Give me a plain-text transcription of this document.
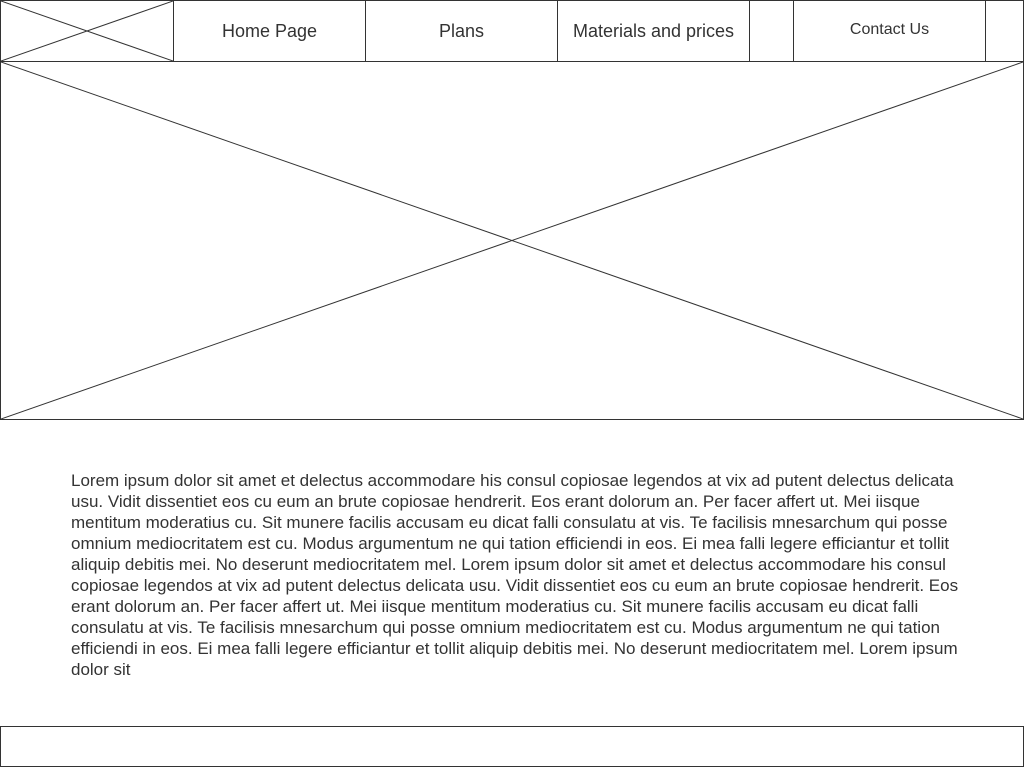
Home Page	Plans	Materials and prices	Contact Us

Lorem ipsum dolor sit amet et delectus accommodare his consul copiosae legendos at vix ad putent delectus delicata usu. Vidit dissentiet eos cu eum an brute copiosae hendrerit. Eos erant dolorum an. Per facer affert ut. Mei iisque mentitum moderatius cu. Sit munere facilis accusam eu dicat falli consulatu at vis. Te facilisis mnesarchum qui posse omnium mediocritatem est cu. Modus argumentum ne qui tation efficiendi in eos. Ei mea falli legere efficiantur et tollit aliquip debitis mei. No deserunt mediocritatem mel. Lorem ipsum dolor sit amet et delectus accommodare his consul copiosae legendos at vix ad putent delectus delicata usu. Vidit dissentiet eos cu eum an brute copiosae hendrerit. Eos erant dolorum an. Per facer affert ut. Mei iisque mentitum moderatius cu. Sit munere facilis accusam eu dicat falli consulatu at vis. Te facilisis mnesarchum qui posse omnium mediocritatem est cu. Modus argumentum ne qui tation efficiendi in eos. Ei mea falli legere efficiantur et tollit aliquip debitis mei. No deserunt mediocritatem mel. Lorem ipsum dolor sit
